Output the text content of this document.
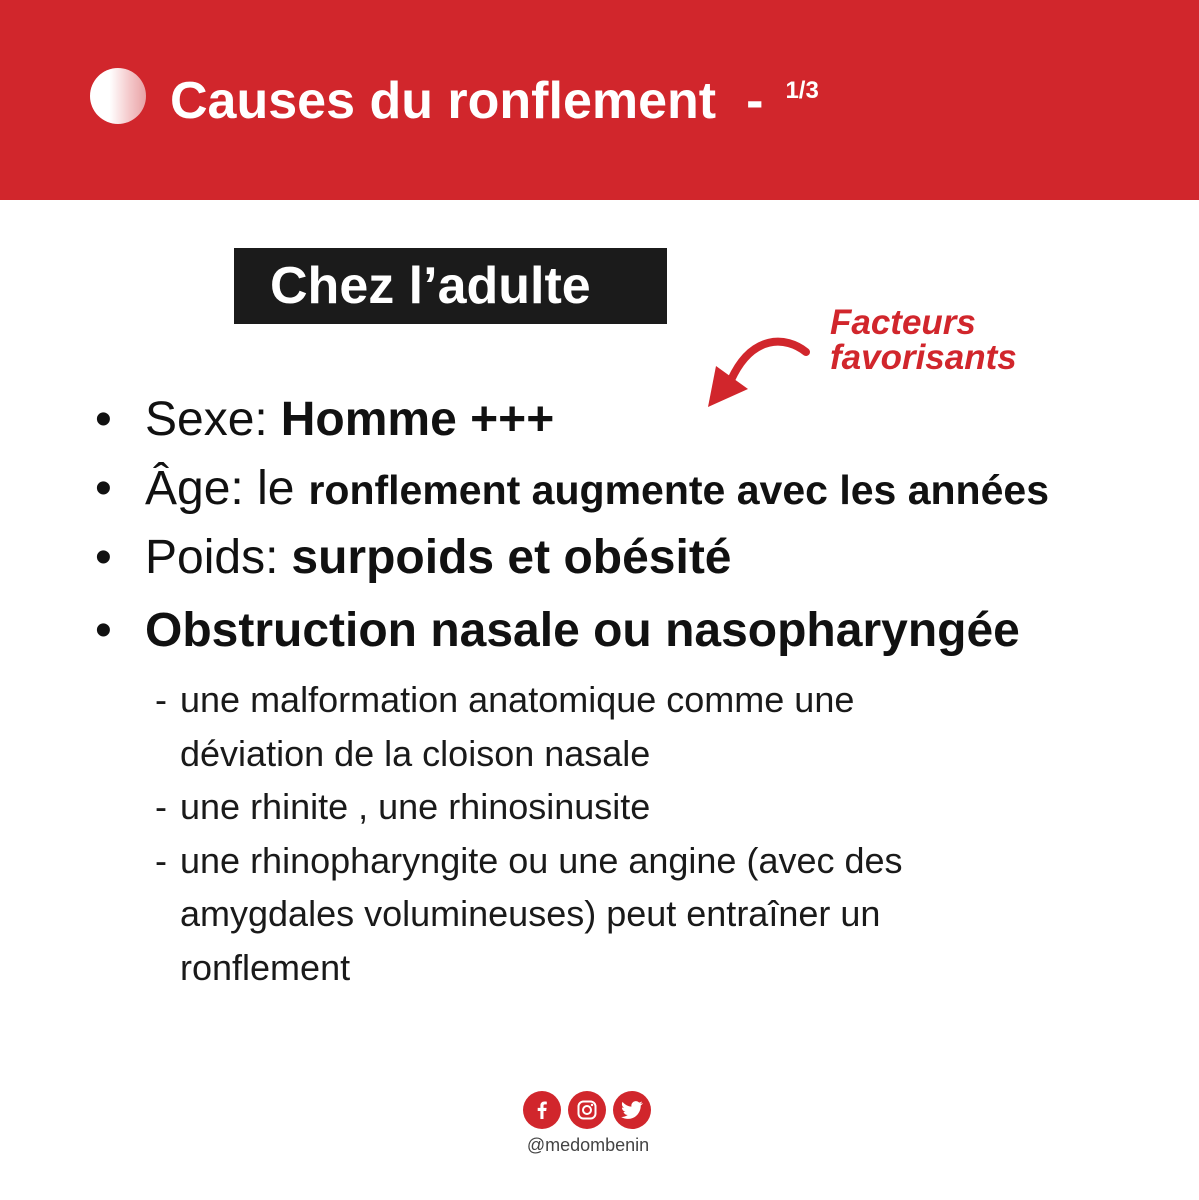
Causes du ronflement - 1/3
Chez l’adulte
Facteurs
favorisants
• Sexe: Homme +++
• Âge: le ronflement augmente avec les années
• Poids: surpoids et obésité
• Obstruction nasale ou nasopharyngée
- une malformation anatomique comme une
déviation de la cloison nasale
- une rhinite , une rhinosinusite
- une rhinopharyngite ou une angine (avec des
amygdales volumineuses) peut entraîner un
ronflement
@medombenin
